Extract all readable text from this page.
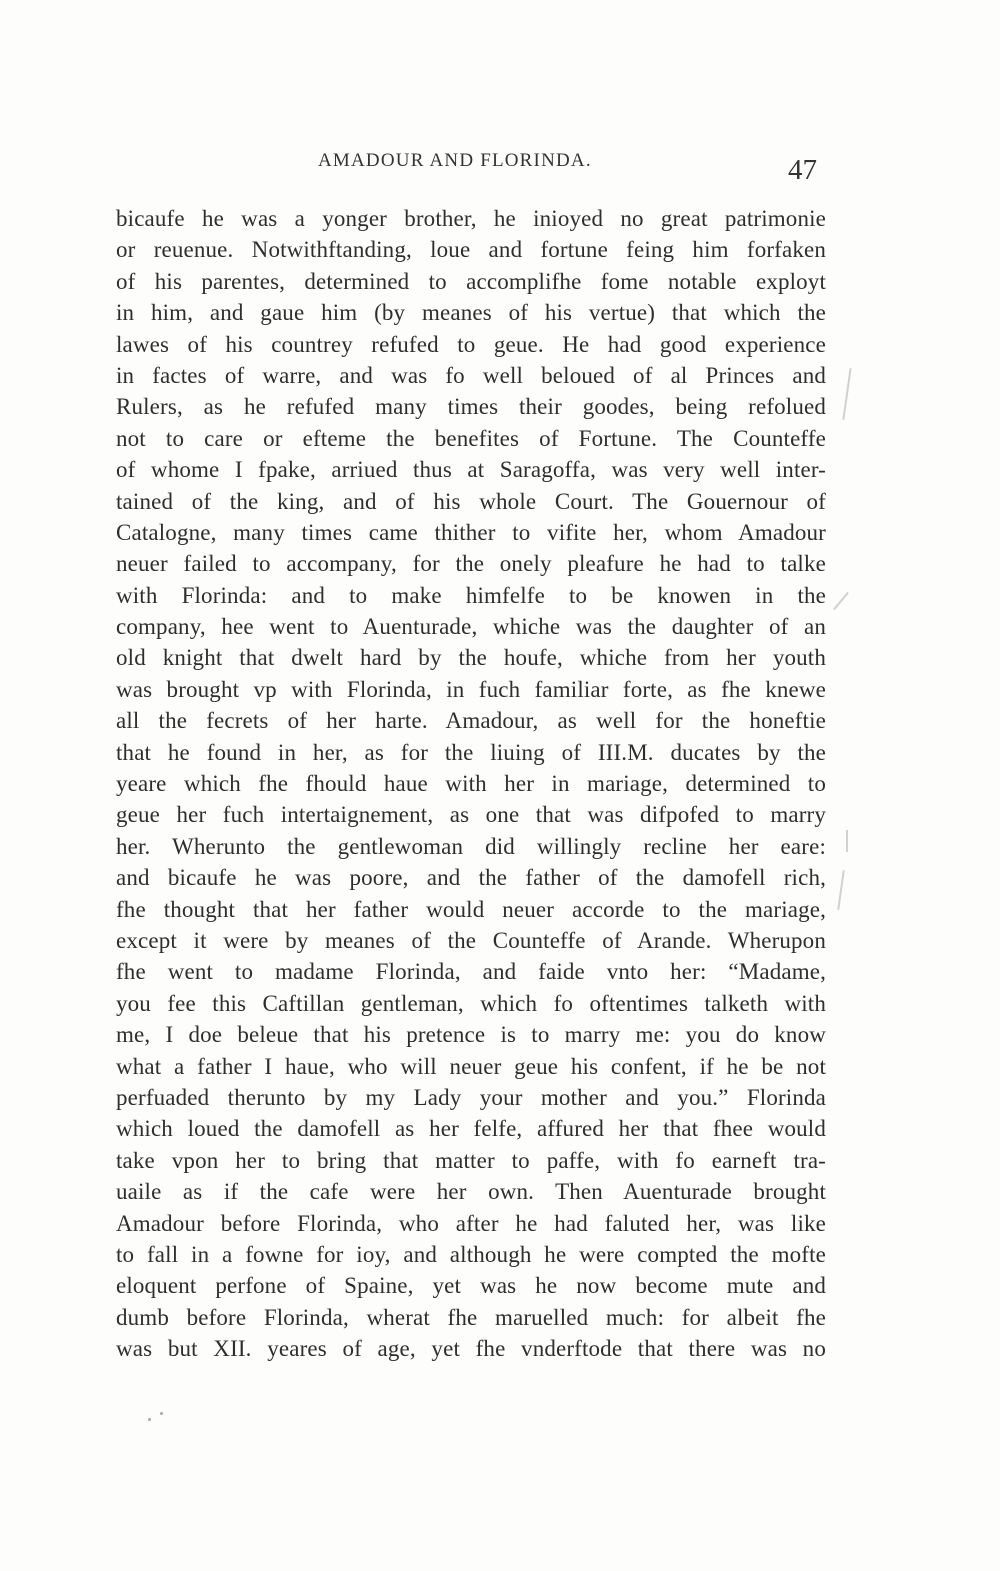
AMADOUR AND FLORINDA.	47
bicaufe he was a yonger brother, he inioyed no great patrimonie
or reuenue. Notwithftanding, loue and fortune feing him forfaken
of his parentes, determined to accomplifhe fome notable exployt
in him, and gaue him (by meanes of his vertue) that which the
lawes of his countrey refufed to geue. He had good experience
in factes of warre, and was fo well beloued of al Princes and
Rulers, as he refufed many times their goodes, being refolued
not to care or efteme the benefites of Fortune. The Counteffe
of whome I fpake, arriued thus at Saragoffa, was very well inter-
tained of the king, and of his whole Court. The Gouernour of
Catalogne, many times came thither to vifite her, whom Amadour
neuer failed to accompany, for the onely pleafure he had to talke
with Florinda: and to make himfelfe to be knowen in the
company, hee went to Auenturade, whiche was the daughter of an
old knight that dwelt hard by the houfe, whiche from her youth
was brought vp with Florinda, in fuch familiar forte, as fhe knewe
all the fecrets of her harte. Amadour, as well for the honeftie
that he found in her, as for the liuing of III.M. ducates by the
yeare which fhe fhould haue with her in mariage, determined to
geue her fuch intertaignement, as one that was difpofed to marry
her. Wherunto the gentlewoman did willingly recline her eare:
and bicaufe he was poore, and the father of the damofell rich,
fhe thought that her father would neuer accorde to the mariage,
except it were by meanes of the Counteffe of Arande. Wherupon
fhe went to madame Florinda, and faide vnto her: “Madame,
you fee this Caftillan gentleman, which fo oftentimes talketh with
me, I doe beleue that his pretence is to marry me: you do know
what a father I haue, who will neuer geue his confent, if he be not
perfuaded therunto by my Lady your mother and you.” Florinda
which loued the damofell as her felfe, affured her that fhee would
take vpon her to bring that matter to paffe, with fo earneft tra-
uaile as if the cafe were her own. Then Auenturade brought
Amadour before Florinda, who after he had faluted her, was like
to fall in a fowne for ioy, and although he were compted the mofte
eloquent perfone of Spaine, yet was he now become mute and
dumb before Florinda, wherat fhe maruelled much: for albeit fhe
was but XII. yeares of age, yet fhe vnderftode that there was no
